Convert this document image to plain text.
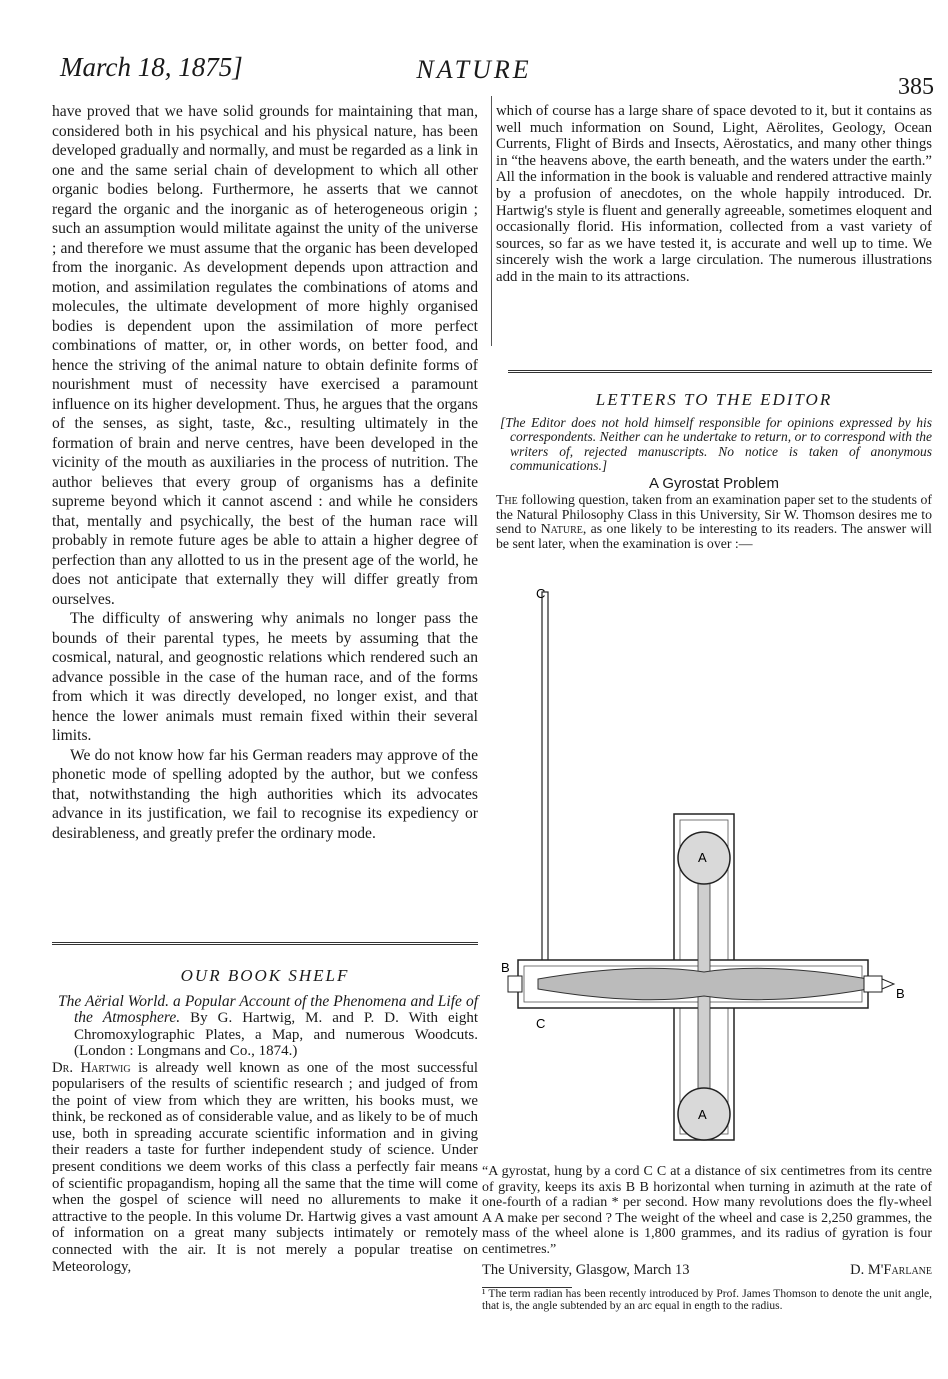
March 18, 1875]	NATURE
385

have proved that we have solid grounds for maintaining that man, considered both in his psychical and his physical nature, has been developed gradually and normally, and must be regarded as a link in one and the same serial chain of development to which all other organic bodies belong. Furthermore, he asserts that we cannot regard the organic and the inorganic as of heterogeneous origin ; such an assumption would militate against the unity of the universe ; and therefore we must assume that the organic has been developed from the inorganic. As development depends upon attraction and motion, and assimilation regulates the combinations of atoms and molecules, the ultimate development of more highly organised bodies is dependent upon the assimilation of more perfect combinations of matter, or, in other words, on better food, and hence the striving of the animal nature to obtain definite forms of nourishment must of necessity have exercised a paramount influence on its higher development. Thus, he argues that the organs of the senses, as sight, taste, &c., resulting ultimately in the formation of brain and nerve centres, have been developed in the vicinity of the mouth as auxiliaries in the process of nutrition. The author believes that every group of organisms has a definite supreme beyond which it cannot ascend : and while he considers that, mentally and psychically, the best of the human race will probably in remote future ages be able to attain a higher degree of perfection than any allotted to us in the present age of the world, he does not anticipate that externally they will differ greatly from ourselves.

The difficulty of answering why animals no longer pass the bounds of their parental types, he meets by assuming that the cosmical, natural, and geognostic relations which rendered such an advance possible in the case of the human race, and of the forms from which it was directly developed, no longer exist, and that hence the lower animals must remain fixed within their several limits.

We do not know how far his German readers may approve of the phonetic mode of spelling adopted by the author, but we confess that, notwithstanding the high authorities which its advocates advance in its justification, we fail to recognise its expediency or desirableness, and greatly prefer the ordinary mode.

OUR BOOK SHELF

The Aërial World. a Popular Account of the Phenomena and Life of the Atmosphere. By G. Hartwig, M. and P. D. With eight Chromoxylographic Plates, a Map, and numerous Woodcuts. (London : Longmans and Co., 1874.)

Dr. Hartwig is already well known as one of the most successful popularisers of the results of scientific research ; and judged of from the point of view from which they are written, his books must, we think, be reckoned as of considerable value, and as likely to be of much use, both in spreading accurate scientific information and in giving their readers a taste for further independent study of science. Under present conditions we deem works of this class a perfectly fair means of scientific propagandism, hoping all the same that the time will come when the gospel of science will need no allurements to make it attractive to the people. In this volume Dr. Hartwig gives a vast amount of information on a great many subjects intimately or remotely connected with the air. It is not merely a popular treatise on Meteorology,

which of course has a large share of space devoted to it, but it contains as well much information on Sound, Light, Aërolites, Geology, Ocean Currents, Flight of Birds and Insects, Aërostatics, and many other things in “the heavens above, the earth beneath, and the waters under the earth.” All the information in the book is valuable and rendered attractive mainly by a profusion of anecdotes, on the whole happily introduced. Dr. Hartwig's style is fluent and generally agreeable, sometimes eloquent and occasionally florid. His information, collected from a vast variety of sources, so far as we have tested it, is accurate and well up to time. We sincerely wish the work a large circulation. The numerous illustrations add in the main to its attractions.

LETTERS TO THE EDITOR

[The Editor does not hold himself responsible for opinions expressed by his correspondents. Neither can he undertake to return, or to correspond with the writers of, rejected manuscripts. No notice is taken of anonymous communications.]

A Gyrostat Problem

The following question, taken from an examination paper set to the students of the Natural Philosophy Class in this University, Sir W. Thomson desires me to send to Nature, as one likely to be interesting to its readers. The answer will be sent later, when the examination is over :—

C
A
A
B
B
C

“A gyrostat, hung by a cord C C at a distance of six centimetres from its centre of gravity, keeps its axis B B horizontal when turning in azimuth at the rate of one-fourth of a radian * per second. How many revolutions does the fly-wheel A A make per second ? The weight of the wheel and case is 2,250 grammes, the mass of the wheel alone is 1,800 grammes, and its radius of gyration is four centimetres.”

The University, Glasgow, March 13	D. M'Farlane

¹ The term radian has been recently introduced by Prof. James Thomson to denote the unit angle, that is, the angle subtended by an arc equal in ength to the radius.
